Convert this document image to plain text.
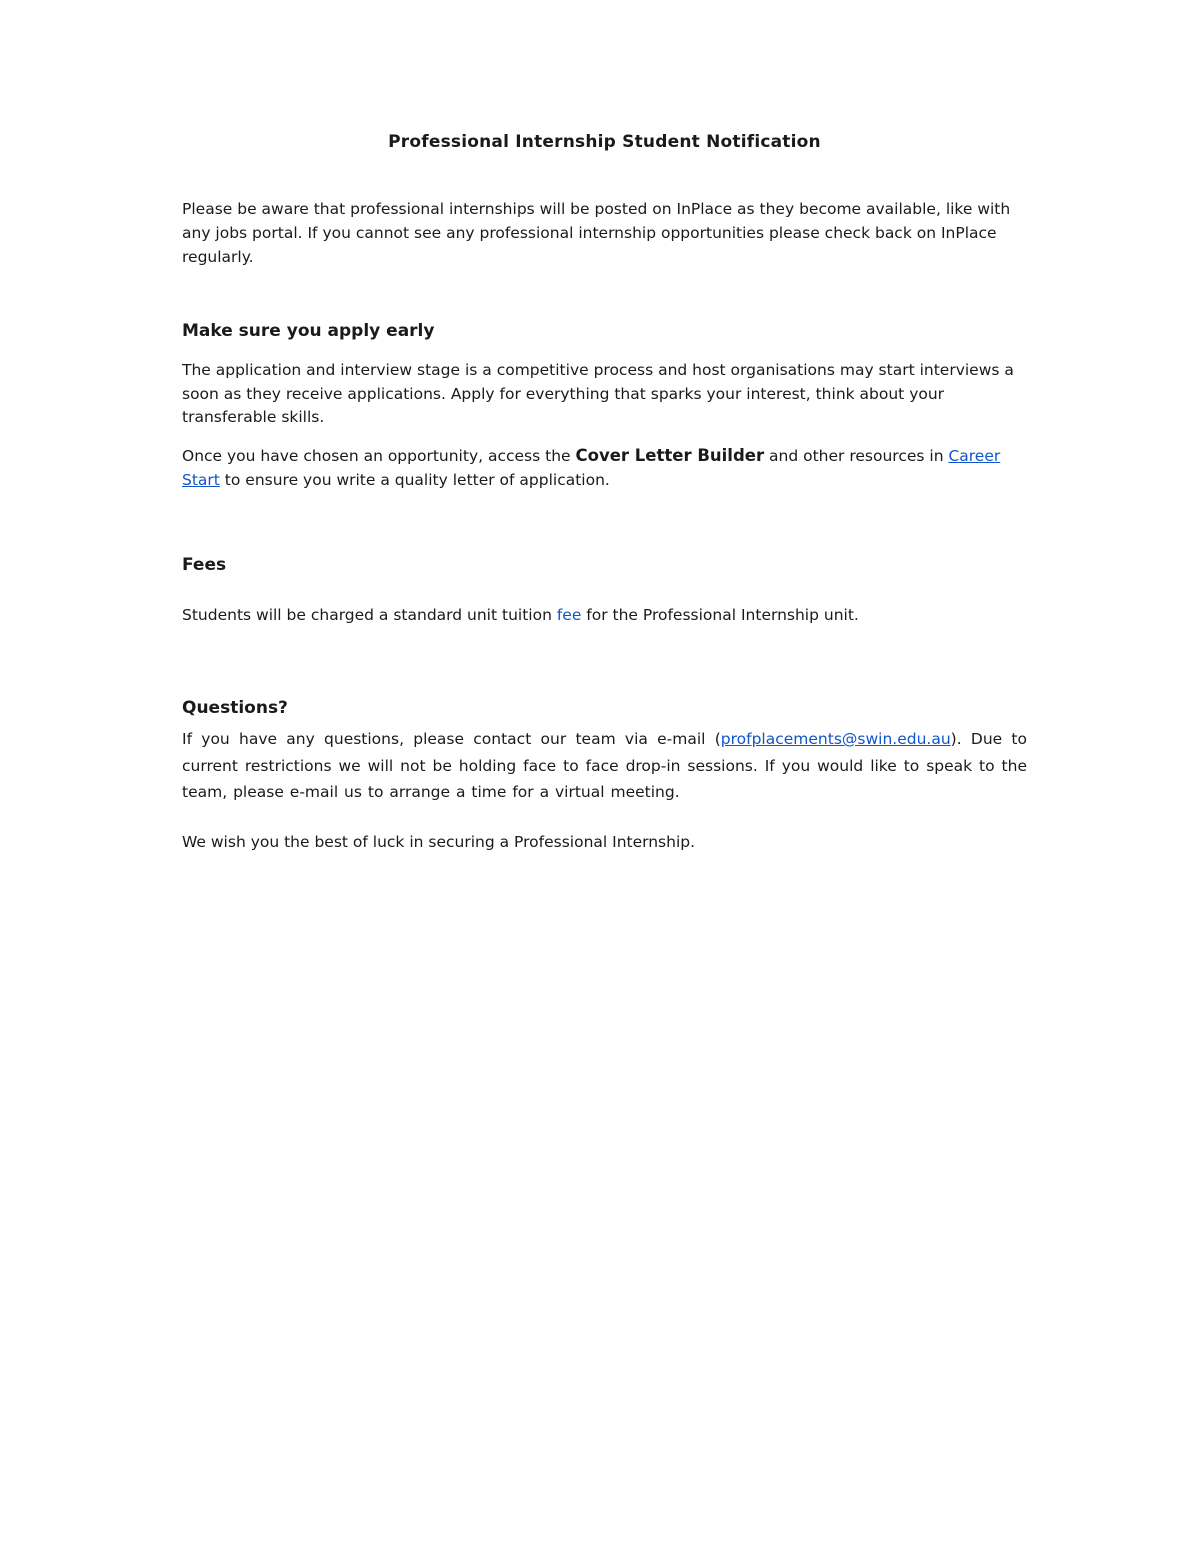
Professional Internship Student Notification

Please be aware that professional internships will be posted on InPlace as they become available, like with any jobs portal. If you cannot see any professional internship opportunities please check back on InPlace regularly.

Make sure you apply early

The application and interview stage is a competitive process and host organisations may start interviews a soon as they receive applications. Apply for everything that sparks your interest, think about your transferable skills.

Once you have chosen an opportunity, access the Cover Letter Builder and other resources in Career Start to ensure you write a quality letter of application.

Fees

Students will be charged a standard unit tuition fee for the Professional Internship unit.

Questions?

If you have any questions, please contact our team via e-mail (profplacements@swin.edu.au). Due to current restrictions we will not be holding face to face drop-in sessions. If you would like to speak to the team, please e-mail us to arrange a time for a virtual meeting.

We wish you the best of luck in securing a Professional Internship.
